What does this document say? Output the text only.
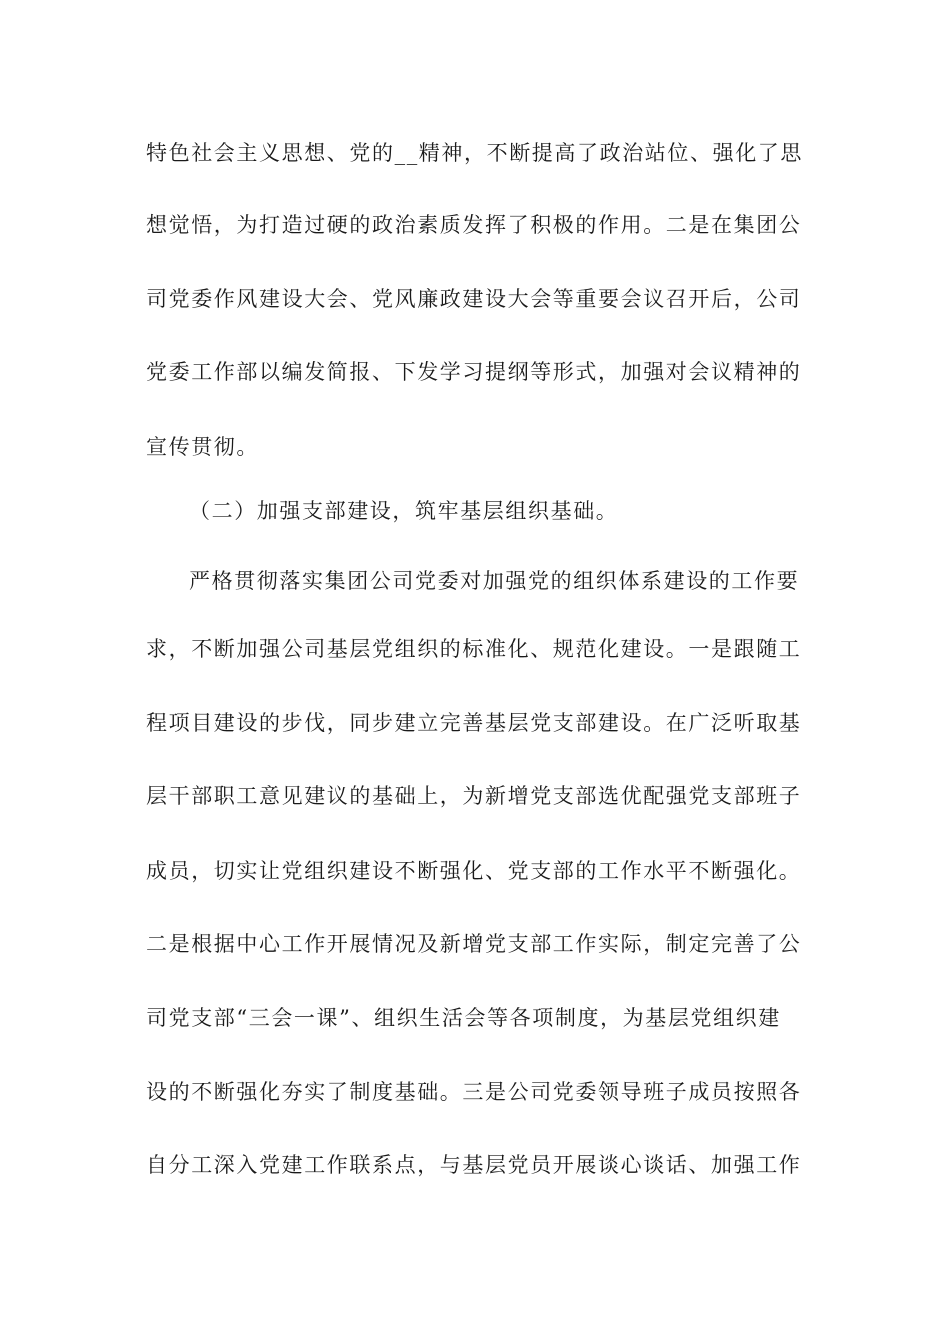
特色社会主义思想、党的__精神，不断提高了政治站位、强化了思
想觉悟，为打造过硬的政治素质发挥了积极的作用。二是在集团公
司党委作风建设大会、党风廉政建设大会等重要会议召开后，公司
党委工作部以编发简报、下发学习提纲等形式，加强对会议精神的
宣传贯彻。
（二）加强支部建设，筑牢基层组织基础。
严格贯彻落实集团公司党委对加强党的组织体系建设的工作要
求，不断加强公司基层党组织的标准化、规范化建设。一是跟随工
程项目建设的步伐，同步建立完善基层党支部建设。在广泛听取基
层干部职工意见建议的基础上，为新增党支部选优配强党支部班子
成员，切实让党组织建设不断强化、党支部的工作水平不断强化。
二是根据中心工作开展情况及新增党支部工作实际，制定完善了公
司党支部“三会一课”、组织生活会等各项制度，为基层党组织建
设的不断强化夯实了制度基础。三是公司党委领导班子成员按照各
自分工深入党建工作联系点，与基层党员开展谈心谈话、加强工作
